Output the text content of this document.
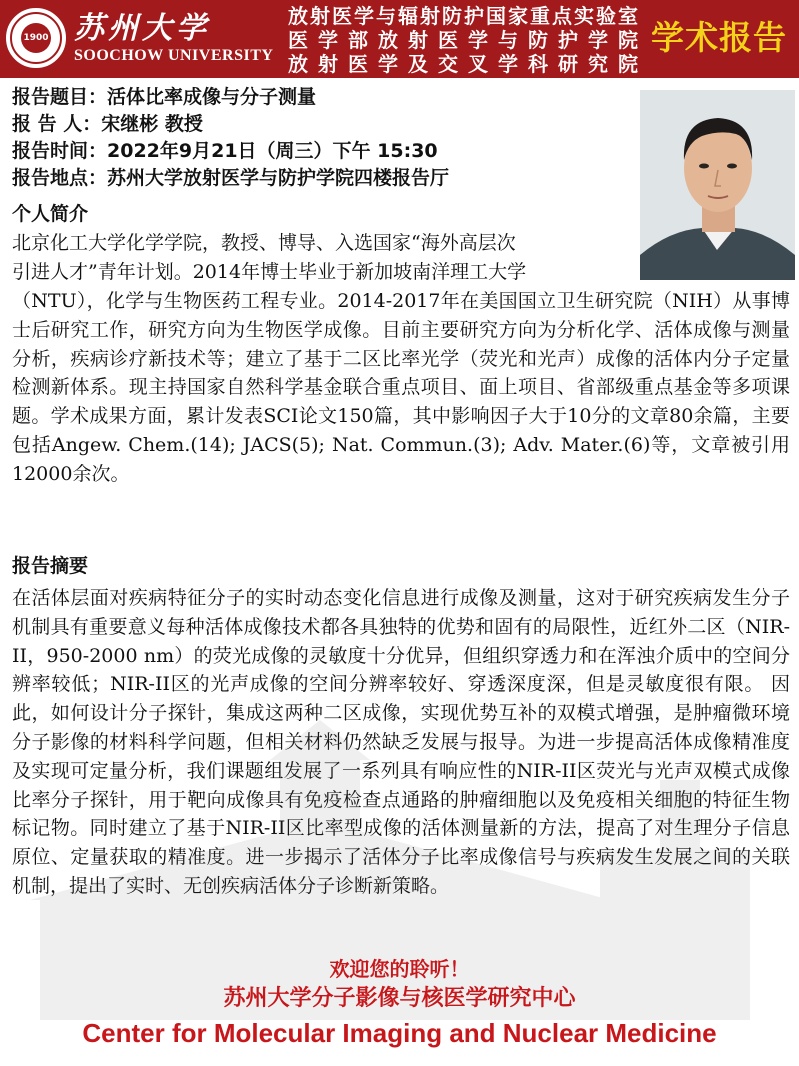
1900 苏州大学
SOOCHOW UNIVERSITY
放射医学与辐射防护国家重点实验室
医学部放射医学与防护学院
放射医学及交叉学科研究院
学术报告
报告题目： 活体比率成像与分子测量
报 告 人： 宋继彬 教授
报告时间： 2022年9月21日（周三）下午 15:30
报告地点： 苏州大学放射医学与防护学院四楼报告厅
个人简介
北京化工大学化学学院，教授、博导、入选国家“海外高层次
引进人才”青年计划。2014年博士毕业于新加坡南洋理工大学
（NTU），化学与生物医药工程专业。2014-2017年在美国国立卫生研究院（NIH）从事博士后研究工作，研究方向为生物医学成像。目前主要研究方向为分析化学、活体成像与测量分析，疾病诊疗新技术等；建立了基于二区比率光学（荧光和光声）成像的活体内分子定量检测新体系。现主持国家自然科学基金联合重点项目、面上项目、省部级重点基金等多项课题。学术成果方面，累计发表SCI论文150篇，其中影响因子大于10分的文章80余篇，主要包括Angew. Chem.(14); JACS(5); Nat. Commun.(3); Adv. Mater.(6)等，文章被引用12000余次。
报告摘要
在活体层面对疾病特征分子的实时动态变化信息进行成像及测量，这对于研究疾病发生分子机制具有重要意义每种活体成像技术都各具独特的优势和固有的局限性，近红外二区（NIR-II，950-2000 nm）的荧光成像的灵敏度十分优异，但组织穿透力和在浑浊介质中的空间分辨率较低；NIR-II区的光声成像的空间分辨率较好、穿透深度深，但是灵敏度很有限。 因此，如何设计分子探针，集成这两种二区成像，实现优势互补的双模式增强，是肿瘤微环境分子影像的材料科学问题，但相关材料仍然缺乏发展与报导。为进一步提高活体成像精准度及实现可定量分析，我们课题组发展了一系列具有响应性的NIR-II区荧光与光声双模式成像比率分子探针，用于靶向成像具有免疫检查点通路的肿瘤细胞以及免疫相关细胞的特征生物标记物。同时建立了基于NIR-II区比率型成像的活体测量新的方法，提高了对生理分子信息原位、定量获取的精准度。进一步揭示了活体分子比率成像信号与疾病发生发展之间的关联机制，提出了实时、无创疾病活体分子诊断新策略。
欢迎您的聆听！
苏州大学分子影像与核医学研究中心
Center for Molecular Imaging and Nuclear Medicine
